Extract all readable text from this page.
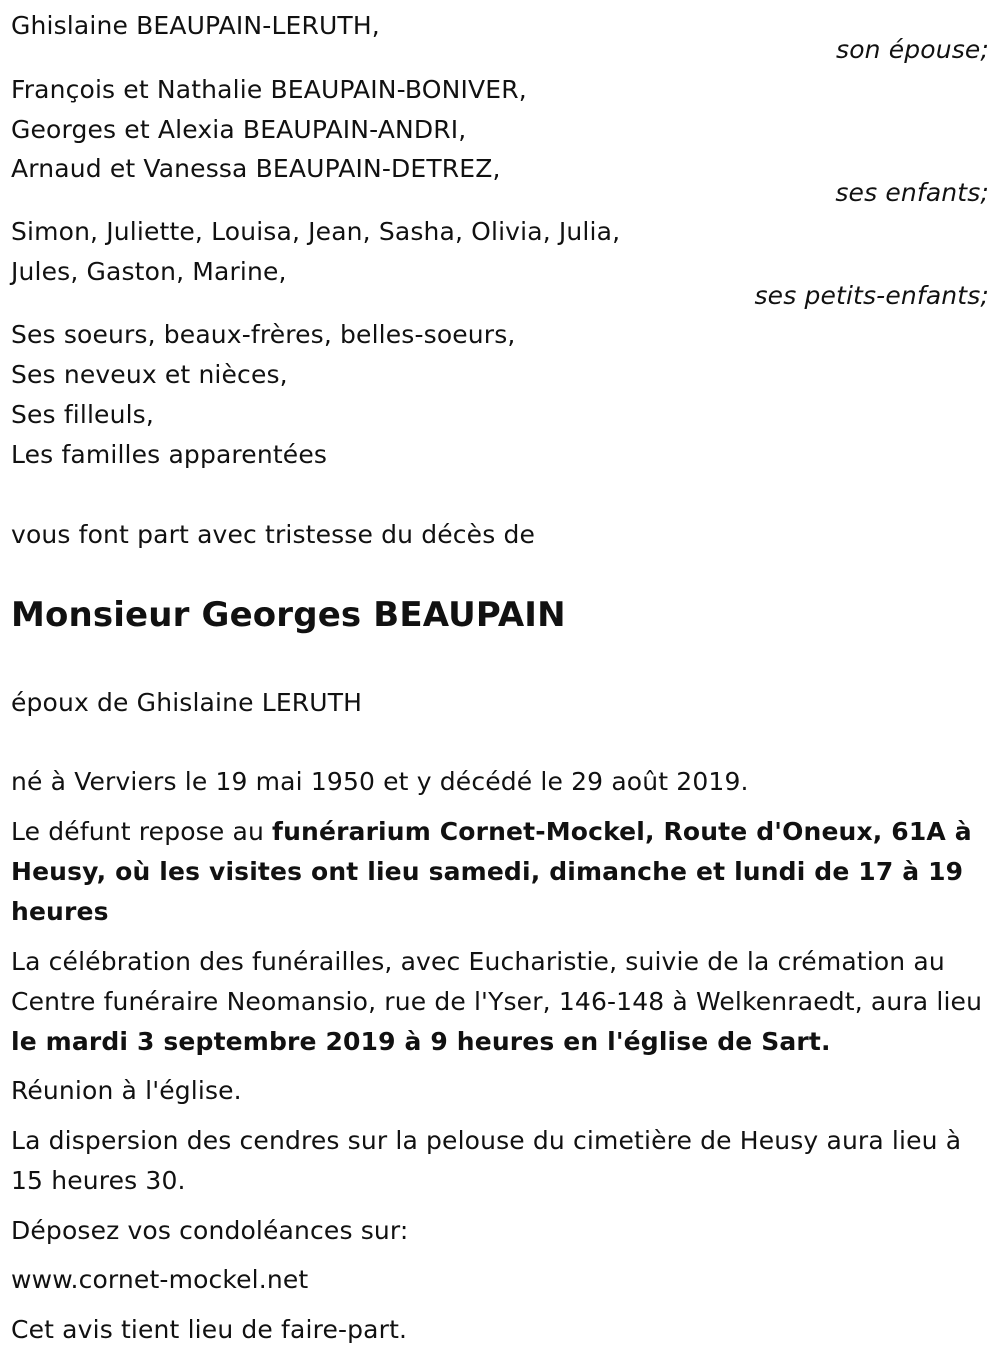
Ghislaine BEAUPAIN-LERUTH,
son épouse;
François et Nathalie BEAUPAIN-BONIVER,
Georges et Alexia BEAUPAIN-ANDRI,
Arnaud et Vanessa BEAUPAIN-DETREZ,
ses enfants;
Simon, Juliette, Louisa, Jean, Sasha, Olivia, Julia,
Jules, Gaston, Marine,
ses petits-enfants;
Ses soeurs, beaux-frères, belles-soeurs,
Ses neveux et nièces,
Ses filleuls,
Les familles apparentées
vous font part avec tristesse du décès de
Monsieur Georges BEAUPAIN
époux de Ghislaine LERUTH
né à Verviers le 19 mai 1950 et y décédé le 29 août 2019.
Le défunt repose au funérarium Cornet-Mockel, Route d'Oneux, 61A à Heusy, où les visites ont lieu samedi, dimanche et lundi de 17 à 19 heures
La célébration des funérailles, avec Eucharistie, suivie de la crémation au Centre funéraire Neomansio, rue de l'Yser, 146-148 à Welkenraedt, aura lieu le mardi 3 septembre 2019 à 9 heures en l'église de Sart.
Réunion à l'église.
La dispersion des cendres sur la pelouse du cimetière de Heusy aura lieu à 15 heures 30.
Déposez vos condoléances sur:
www.cornet-mockel.net
Cet avis tient lieu de faire-part.
